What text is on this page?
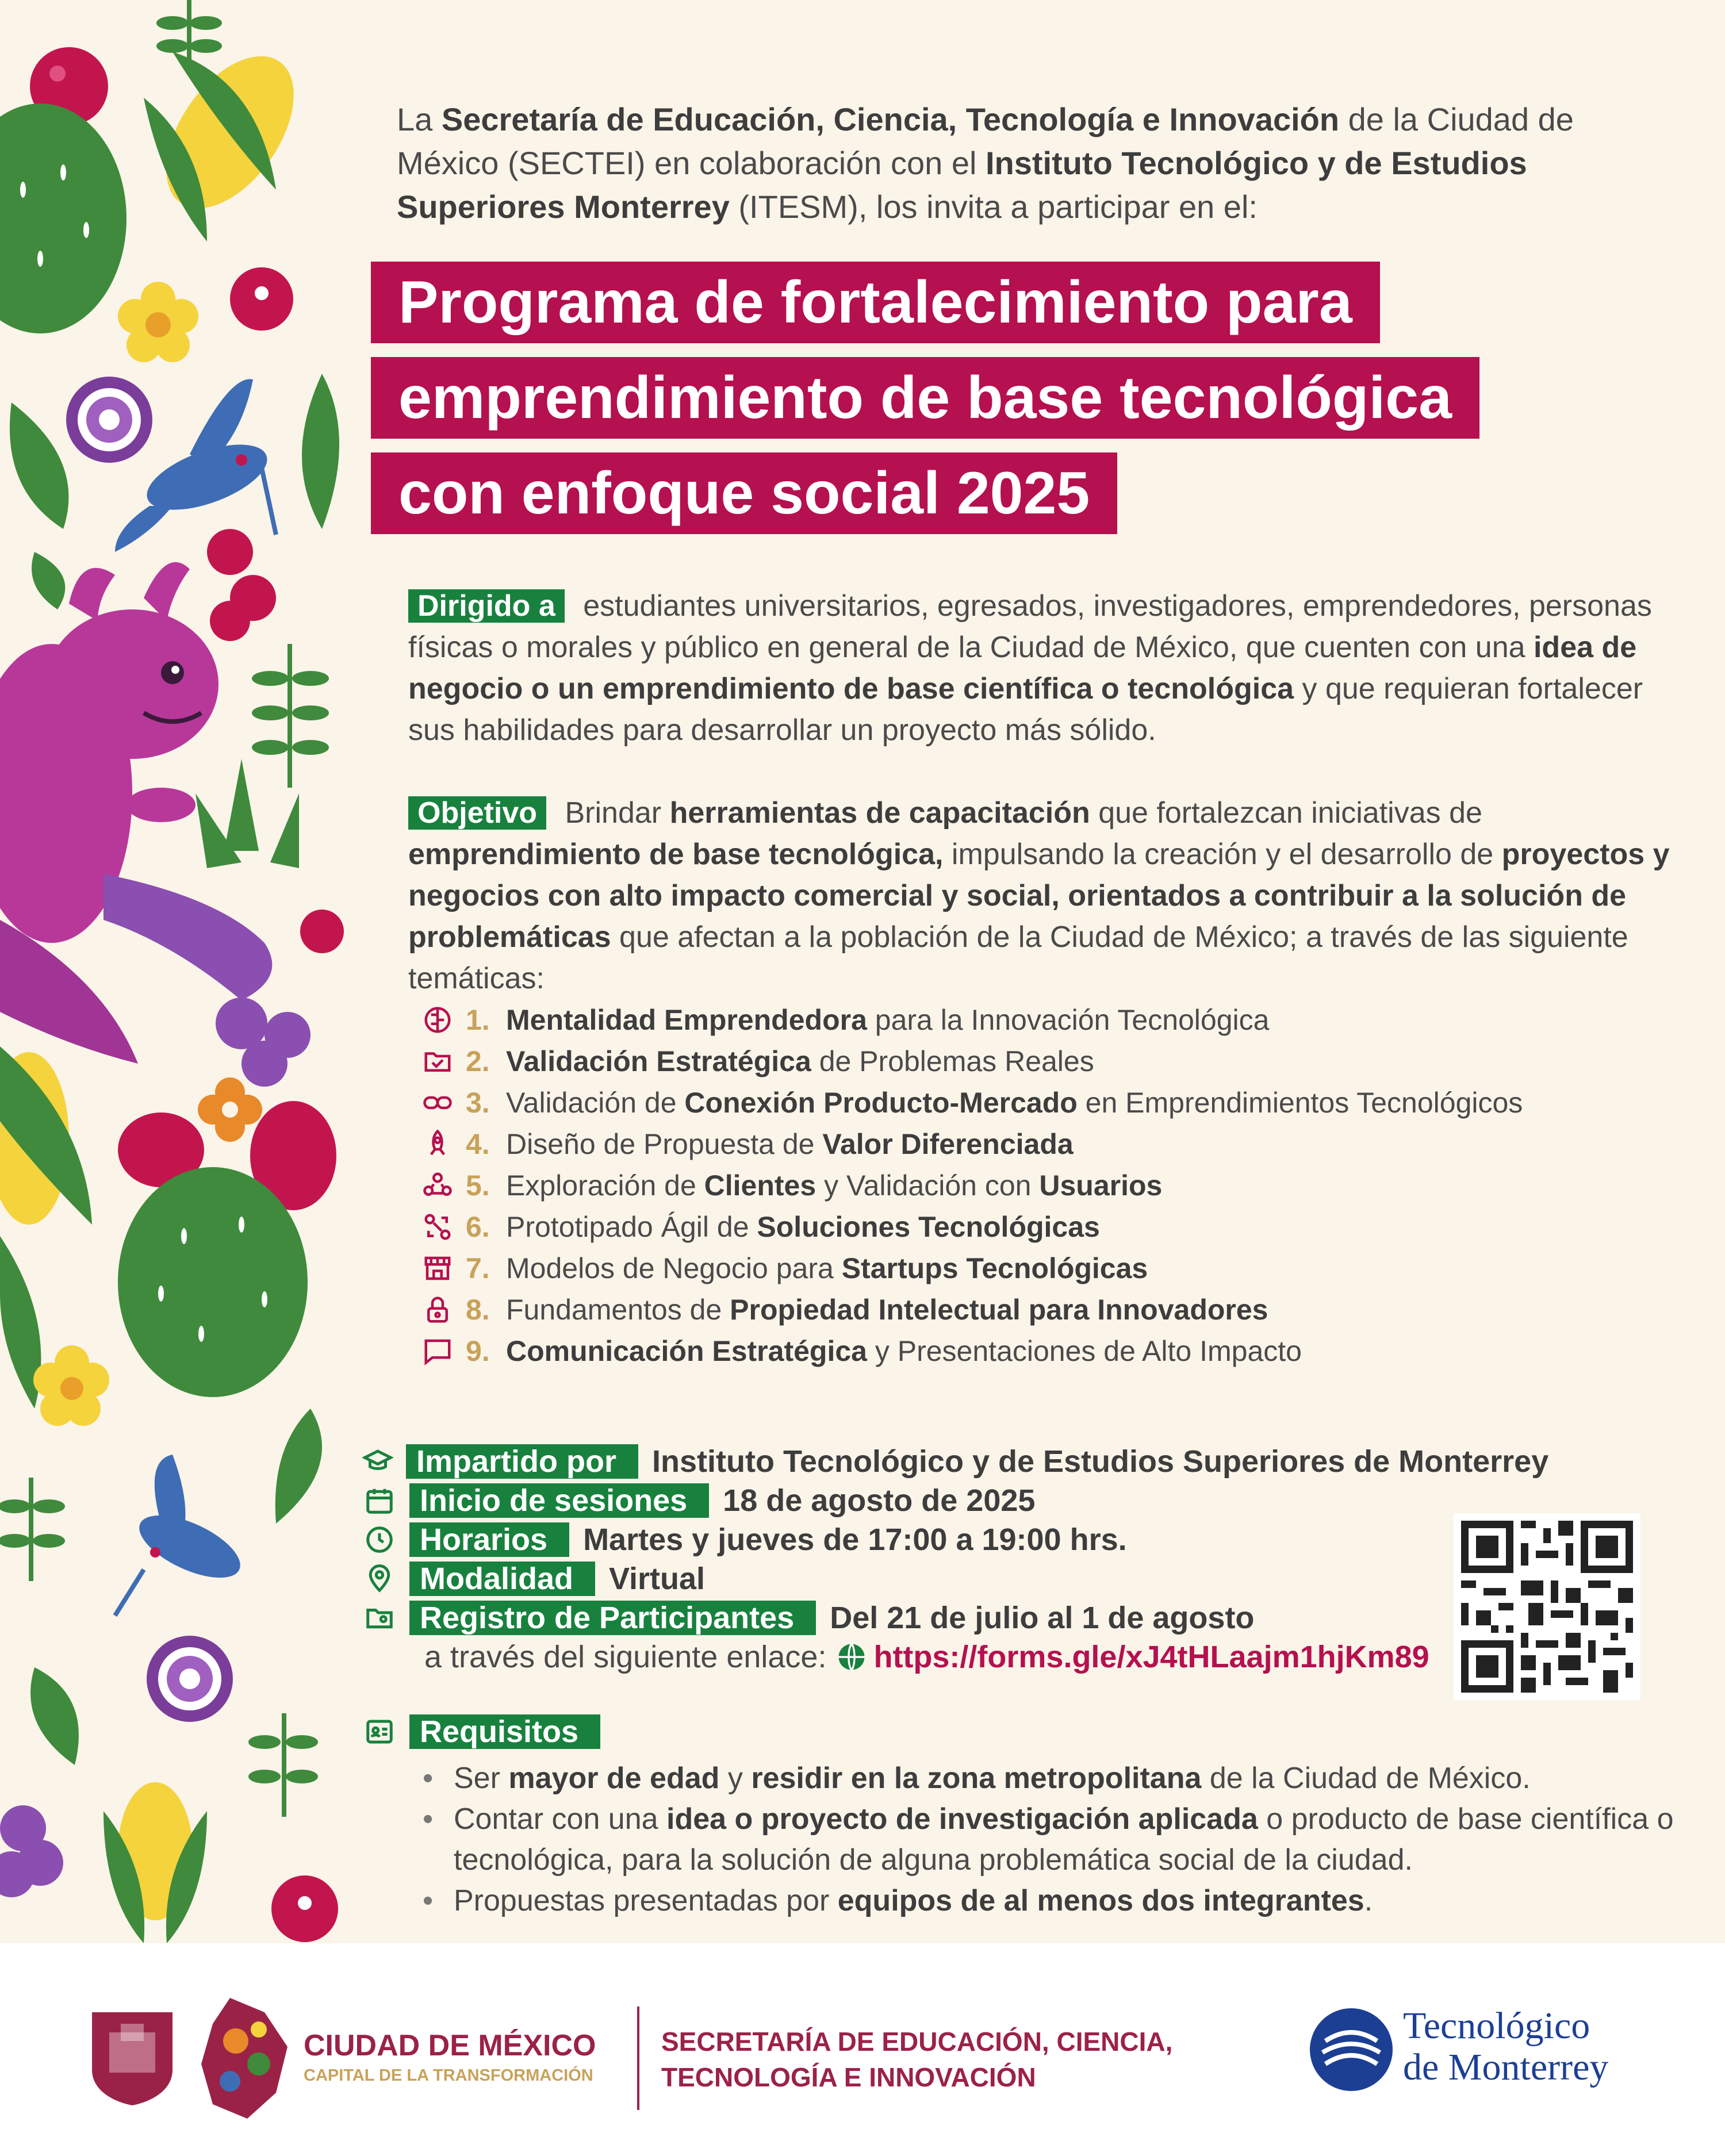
La Secretaría de Educación, Ciencia, Tecnología e Innovación de la Ciudad de México (SECTEI) en colaboración con el Instituto Tecnológico y de Estudios Superiores Monterrey (ITESM), los invita a participar en el:
Programa de fortalecimiento para
emprendimiento de base tecnológica
con enfoque social 2025
Dirigido a estudiantes universitarios, egresados, investigadores, emprendedores, personas físicas o morales y público en general de la Ciudad de México, que cuenten con una idea de negocio o un emprendimiento de base científica o tecnológica y que requieran fortalecer sus habilidades para desarrollar un proyecto más sólido.
Objetivo Brindar herramientas de capacitación que fortalezcan iniciativas de emprendimiento de base tecnológica, impulsando la creación y el desarrollo de proyectos y negocios con alto impacto comercial y social, orientados a contribuir a la solución de problemáticas que afectan a la población de la Ciudad de México; a través de las siguiente temáticas:
1. Mentalidad Emprendedora para la Innovación Tecnológica
2. Validación Estratégica de Problemas Reales
3. Validación de Conexión Producto-Mercado en Emprendimientos Tecnológicos
4. Diseño de Propuesta de Valor Diferenciada
5. Exploración de Clientes y Validación con Usuarios
6. Prototipado Ágil de Soluciones Tecnológicas
7. Modelos de Negocio para Startups Tecnológicas
8. Fundamentos de Propiedad Intelectual para Innovadores
9. Comunicación Estratégica y Presentaciones de Alto Impacto
Impartido por	Instituto Tecnológico y de Estudios Superiores de Monterrey
Inicio de sesiones	18 de agosto de 2025
Horarios	Martes y jueves de 17:00 a 19:00 hrs.
Modalidad	Virtual
Registro de Participantes	Del 21 de julio al 1 de agosto
a través del siguiente enlace: https://forms.gle/xJ4tHLaajm1hjKm89
Requisitos
• Ser mayor de edad y residir en la zona metropolitana de la Ciudad de México.
• Contar con una idea o proyecto de investigación aplicada o producto de base científica o tecnológica, para la solución de alguna problemática social de la ciudad.
• Propuestas presentadas por equipos de al menos dos integrantes.
CIUDAD DE MÉXICO
CAPITAL DE LA TRANSFORMACIÓN
SECRETARÍA DE EDUCACIÓN, CIENCIA,
TECNOLOGÍA E INNOVACIÓN
Tecnológico
de Monterrey
